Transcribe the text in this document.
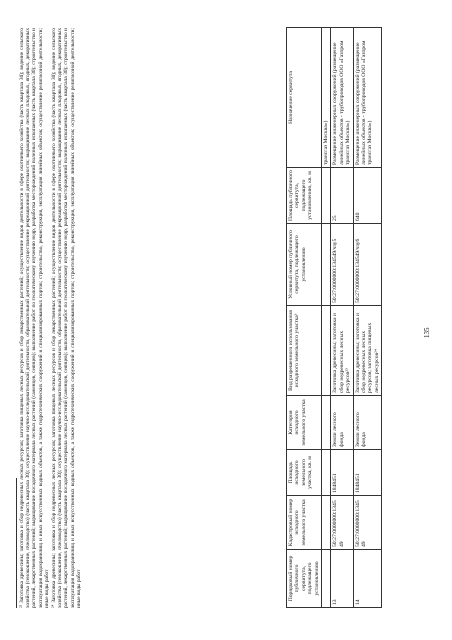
²³ Заготовка древесины; заготовка и сбор недревесных лесных ресурсов; заготовка пищевых лесных ресурсов и сбор лекарственных растений; осуществление видов деятельности в сфере охотничьего хозяйства (часть квартала 30); ведение сельского хозяйства (сенокошение, пчеловодство) (часть квартала 30); осуществление научно-исследовательской деятельности, образовательной деятельности; осуществление рекреационной деятельности; выращивание лесных плодовых, ягодных, декоративных растений, лекарственных растений; выращивание посадочного материала лесных растений (саженцев, сеянцев); выполнение работ по геологическому изучению недр, разработка месторождений полезных ископаемых (часть квартала 30); строительство и эксплуатация водохранилищ и иных искусственных водных объектов, а также гидротехнических сооружений и специализированных портов; строительство, реконструкция, эксплуатация линейных объектов; осуществление религиозной деятельности; иные виды работ ²⁴ Заготовка древесины; заготовка и сбор недревесных лесных ресурсов; заготовка пищевых лесных ресурсов и сбор лекарственных растений; осуществление видов деятельности в сфере охотничьего хозяйства (часть квартала 30); ведение сельского хозяйства (сенокошение, пчеловодство) (часть квартала 30); осуществление научно-исследовательской деятельности, образовательной деятельности; осуществление рекреационной деятельности; выращивание лесных плодовых, ягодных, декоративных растений, лекарственных растений; выращивание посадочного материала лесных растений (саженцев, сеянцев); выполнение работ по геологическому изучению недр, разработка месторождений полезных ископаемых (часть квартала 30); строительство и эксплуатация водохранилищ и иных искусственных водных объектов, а также гидротехнических сооружений и специализированных портов; строительство, реконструкция, эксплуатация линейных объектов; осуществление религиозной деятельности; иные виды работ

135
Порядковый номер публичного сервитута, подлежащего установлению	Кадастровый номер исходного земельного участка	Площадь исходного земельного участка, кв. м	Категория исходного земельного участка	Вид разрешенного использования исходного земельного участка³	Условный номер публичного сервитута, подлежащего установлению	Площадь публичного сервитута, подлежащего установлению, кв. м	Назначение сервитута
							трансгаз Москва»)
13	50:27:0000000:134549	1848451	Земли лесного фонда	Заготовка древесины; заготовка и сбор недревесных лесных ресурсов²³	50:27:0000000:134549/чзу5	25	Размещение инженерных сооружений (размещение линейных объектов - трубопроводов ООО «Газпром трансгаз Москва»)
14	50:27:0000000:134549	1848451	Земли лесного фонда	Заготовка древесины; заготовка и сбор недревесных лесных ресурсов; заготовка пищевых лесных ресурсов²⁴	50:27:0000000:134549/чзу6	640	Размещение инженерных сооружений (размещение линейных объектов - трубопроводов ООО «Газпром трансгаз Москва»)
